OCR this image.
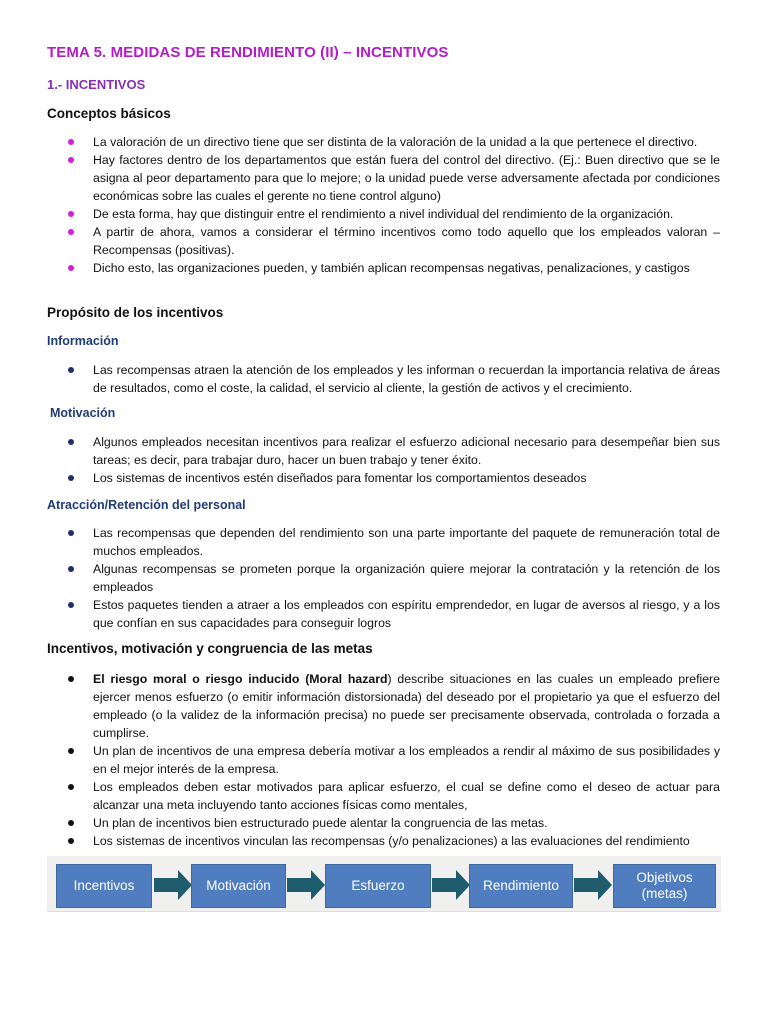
TEMA 5. MEDIDAS DE RENDIMIENTO (II) – INCENTIVOS
1.- INCENTIVOS
Conceptos básicos
La valoración de un directivo tiene que ser distinta de la valoración de la unidad a la que pertenece el directivo.
Hay factores dentro de los departamentos que están fuera del control del directivo. (Ej.: Buen directivo que se le asigna al peor departamento para que lo mejore; o la unidad puede verse adversamente afectada por condiciones económicas sobre las cuales el gerente no tiene control alguno)
De esta forma, hay que distinguir entre el rendimiento a nivel individual del rendimiento de la organización.
A partir de ahora, vamos a considerar el término incentivos como todo aquello que los empleados valoran – Recompensas (positivas).
Dicho esto, las organizaciones pueden, y también aplican recompensas negativas, penalizaciones, y castigos
Propósito de los incentivos
Información
Las recompensas atraen la atención de los empleados y les informan o recuerdan la importancia relativa de áreas de resultados, como el coste, la calidad, el servicio al cliente, la gestión de activos y el crecimiento.
Motivación
Algunos empleados necesitan incentivos para realizar el esfuerzo adicional necesario para desempeñar bien sus tareas; es decir, para trabajar duro, hacer un buen trabajo y tener éxito.
Los sistemas de incentivos estén diseñados para fomentar los comportamientos deseados
Atracción/Retención del personal
Las recompensas que dependen del rendimiento son una parte importante del paquete de remuneración total de muchos empleados.
Algunas recompensas se prometen porque la organización quiere mejorar la contratación y la retención de los empleados
Estos paquetes tienden a atraer a los empleados con espíritu emprendedor, en lugar de aversos al riesgo, y a los que confían en sus capacidades para conseguir logros
Incentivos, motivación y congruencia de las metas
El riesgo moral o riesgo inducido (Moral hazard) describe situaciones en las cuales un empleado prefiere ejercer menos esfuerzo (o emitir información distorsionada) del deseado por el propietario ya que el esfuerzo del empleado (o la validez de la información precisa) no puede ser precisamente observada, controlada o forzada a cumplirse.
Un plan de incentivos de una empresa debería motivar a los empleados a rendir al máximo de sus posibilidades y en el mejor interés de la empresa.
Los empleados deben estar motivados para aplicar esfuerzo, el cual se define como el deseo de actuar para alcanzar una meta incluyendo tanto acciones físicas como mentales,
Un plan de incentivos bien estructurado puede alentar la congruencia de las metas.
Los sistemas de incentivos vinculan las recompensas (y/o penalizaciones) a las evaluaciones del rendimiento
Incentivos	Motivación	Esfuerzo	Rendimiento
Objetivos
(metas)
